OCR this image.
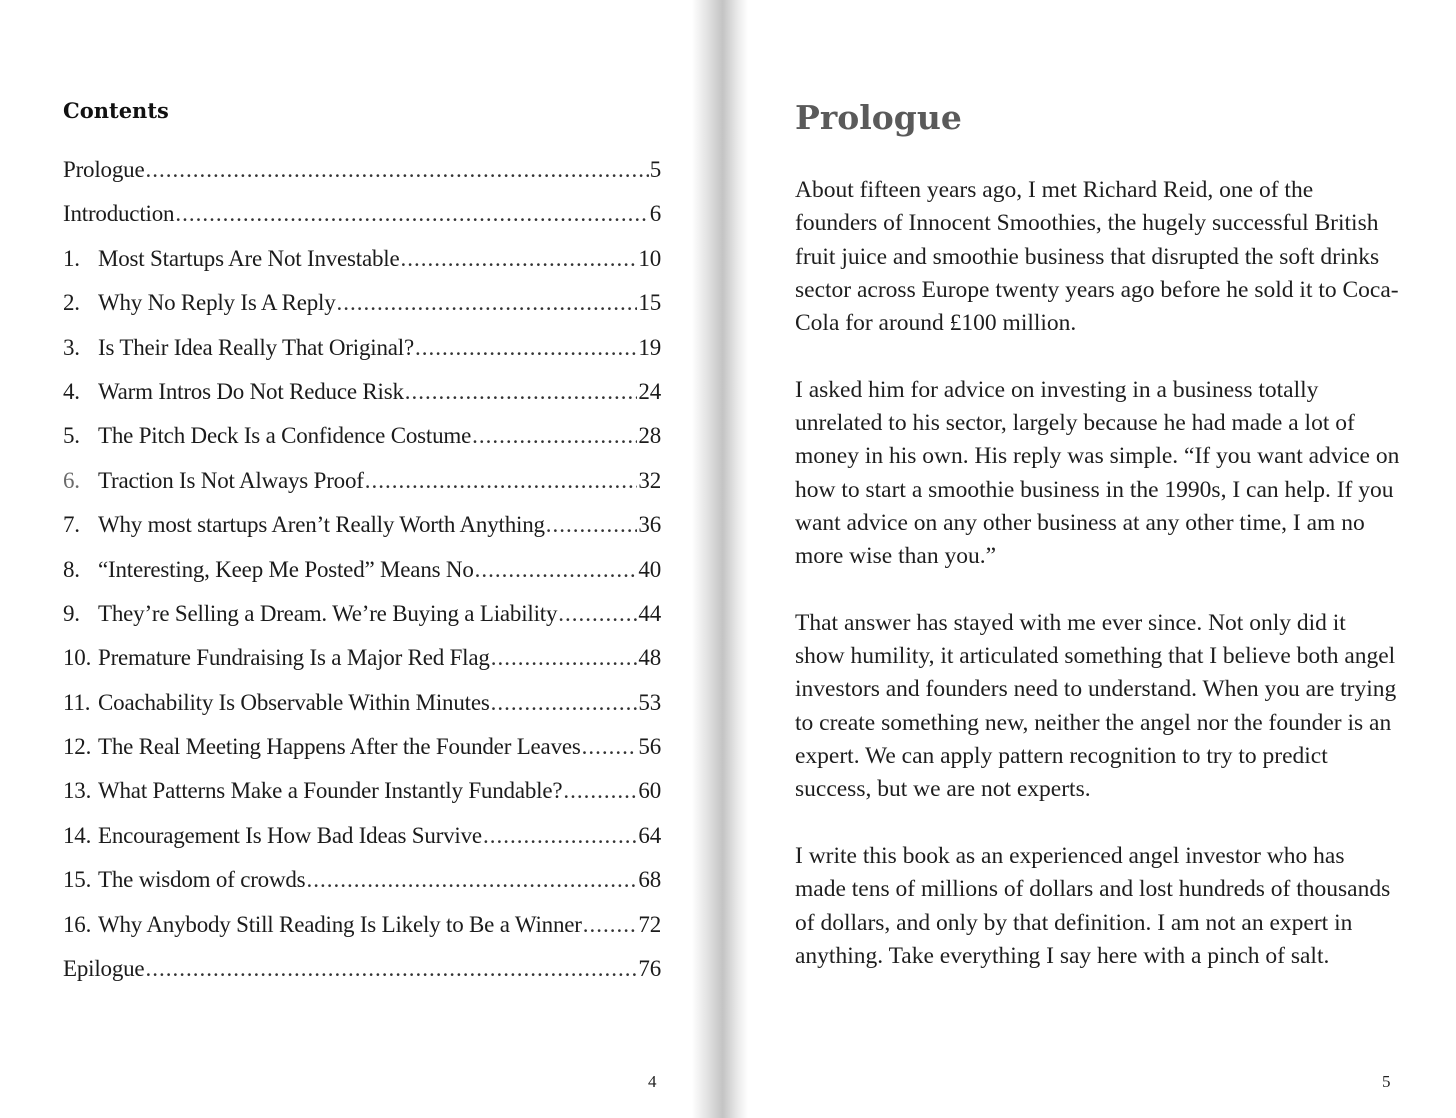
Contents
Prologue .....	5
Introduction .....	6
1. Most Startups Are Not Investable .....	10
2. Why No Reply Is A Reply .....	15
3. Is Their Idea Really That Original? .....	19
4. Warm Intros Do Not Reduce Risk .....	24
5. The Pitch Deck Is a Confidence Costume .....	28
6. Traction Is Not Always Proof .....	32
7. Why most startups Aren’t Really Worth Anything .....	36
8. “Interesting, Keep Me Posted” Means No .....	40
9. They’re Selling a Dream. We’re Buying a Liability .....	44
10. Premature Fundraising Is a Major Red Flag .....	48
11. Coachability Is Observable Within Minutes .....	53
12. The Real Meeting Happens After the Founder Leaves .....	56
13. What Patterns Make a Founder Instantly Fundable? .....	60
14. Encouragement Is How Bad Ideas Survive .....	64
15. The wisdom of crowds .....	68
16. Why Anybody Still Reading Is Likely to Be a Winner ..... 72
Epilogue .....	76
4
Prologue

About fifteen years ago, I met Richard Reid, one of the founders of Innocent Smoothies, the hugely successful British fruit juice and smoothie business that disrupted the soft drinks sector across Europe twenty years ago before he sold it to Coca-Cola for around £100 million.

I asked him for advice on investing in a business totally unrelated to his sector, largely because he had made a lot of money in his own. His reply was simple. “If you want advice on how to start a smoothie business in the 1990s, I can help. If you want advice on any other business at any other time, I am no more wise than you.”

That answer has stayed with me ever since. Not only did it show humility, it articulated something that I believe both angel investors and founders need to understand. When you are trying to create something new, neither the angel nor the founder is an expert. We can apply pattern recognition to try to predict success, but we are not experts.

I write this book as an experienced angel investor who has made tens of millions of dollars and lost hundreds of thousands of dollars, and only by that definition. I am not an expert in anything. Take everything I say here with a pinch of salt.

5
